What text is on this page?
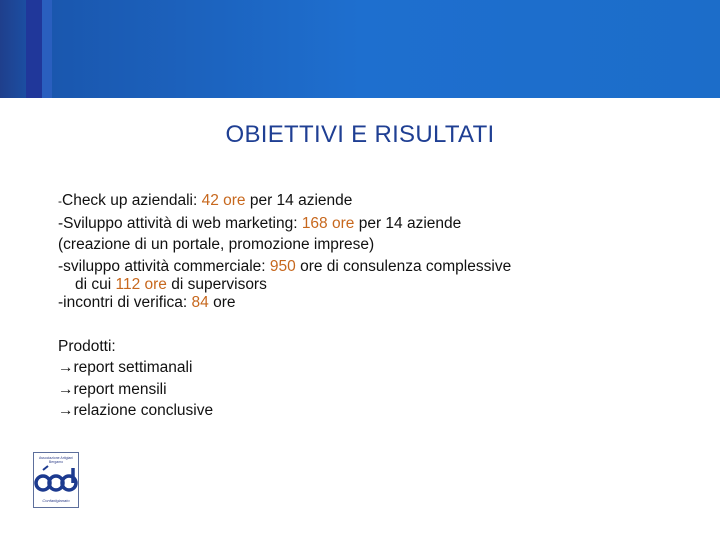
OBIETTIVI E RISULTATI
-Check up aziendali: 42 ore per 14 aziende
-Sviluppo attività di web marketing: 168 ore per 14 aziende
(creazione di un portale, promozione imprese)
-sviluppo attività commerciale: 950 ore di consulenza complessive
di cui 112 ore di supervisors
-incontri di verifica: 84 ore
Prodotti:
→report settimanali
→report mensili
→relazione conclusive
Associazione Artigiani Bergamo
Confartigianato
